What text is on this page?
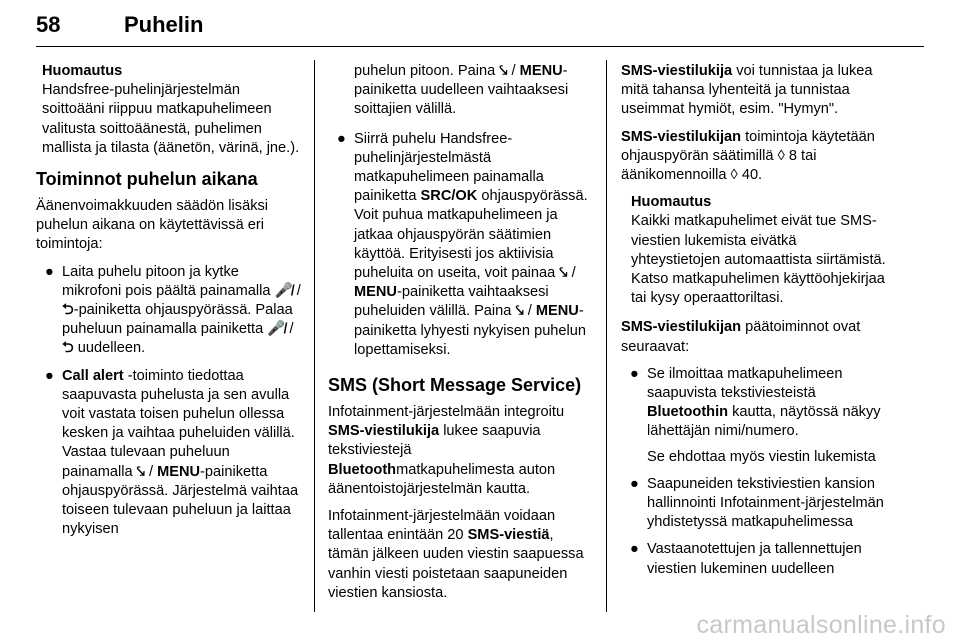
58	Puhelin
Huomautus
Handsfree-puhelinjärjestelmän soittoääni riippuu matkapuhelimeen valitusta soittoäänestä, puhelimen mallista ja tilasta (äänetön, värinä, jne.).
Toiminnot puhelun aikana

Äänenvoimakkuuden säädön lisäksi puhelun aikana on käytettävissä eri toimintoja:

● Laita puhelu pitoon ja kytke mikrofoni pois päältä painamalla 🎤̸ / ⮌-painiketta ohjauspyörässä. Palaa puheluun painamalla painiketta 🎤̸ / ⮌ uudelleen.
● Call alert -toiminto tiedottaa saapuvasta puhelusta ja sen avulla voit vastata toisen puhelun ollessa kesken ja vaihtaa puheluiden välillä. Vastaa tulevaan puheluun painamalla ⤥ / MENU-painiketta ohjauspyörässä. Järjestelmä vaihtaa toiseen tulevaan puheluun ja laittaa nykyisen
puhelun pitoon. Paina ⤥ / MENU-painiketta uudelleen vaihtaaksesi soittajien välillä.
● Siirrä puhelu Handsfree-puhelinjärjestelmästä matkapuhelimeen painamalla painiketta SRC/OK ohjauspyörässä. Voit puhua matkapuhelimeen ja jatkaa ohjauspyörän säätimien käyttöä. Erityisesti jos aktiivisia puheluita on useita, voit painaa ⤥ / MENU-painiketta vaihtaaksesi puheluiden välillä. Paina ⤥ / MENU-painiketta lyhyesti nykyisen puhelun lopettamiseksi.
SMS (Short Message Service)

Infotainment-järjestelmään integroitu SMS-viestilukija lukee saapuvia tekstiviestejä Bluetoothmatkapuhelimesta auton äänentoistojärjestelmän kautta.

Infotainment-järjestelmään voidaan tallentaa enintään 20 SMS-viestiä, tämän jälkeen uuden viestin saapuessa vanhin viesti poistetaan saapuneiden viestien kansiosta.

SMS-viestilukija voi tunnistaa ja lukea mitä tahansa lyhenteitä ja tunnistaa useimmat hymiöt, esim. "Hymyn".

SMS-viestilukijan toimintoja käytetään ohjauspyörän säätimillä ◊ 8 tai äänikomennoilla ◊ 40.

Huomautus
Kaikki matkapuhelimet eivät tue SMS-viestien lukemista eivätkä yhteystietojen automaattista siirtämistä. Katso matkapuhelimen käyttöohjekirjaa tai kysy operaattoriltasi.

SMS-viestilukijan päätoiminnot ovat seuraavat:

● Se ilmoittaa matkapuhelimeen saapuvista tekstiviesteistä Bluetoothin kautta, näytössä näkyy lähettäjän nimi/numero.
Se ehdottaa myös viestin lukemista
● Saapuneiden tekstiviestien kansion hallinnointi Infotainment-järjestelmän yhdistetyssä matkapuhelimessa
● Vastaanotettujen ja tallennettujen viestien lukeminen uudelleen
carmanualsonline.info
